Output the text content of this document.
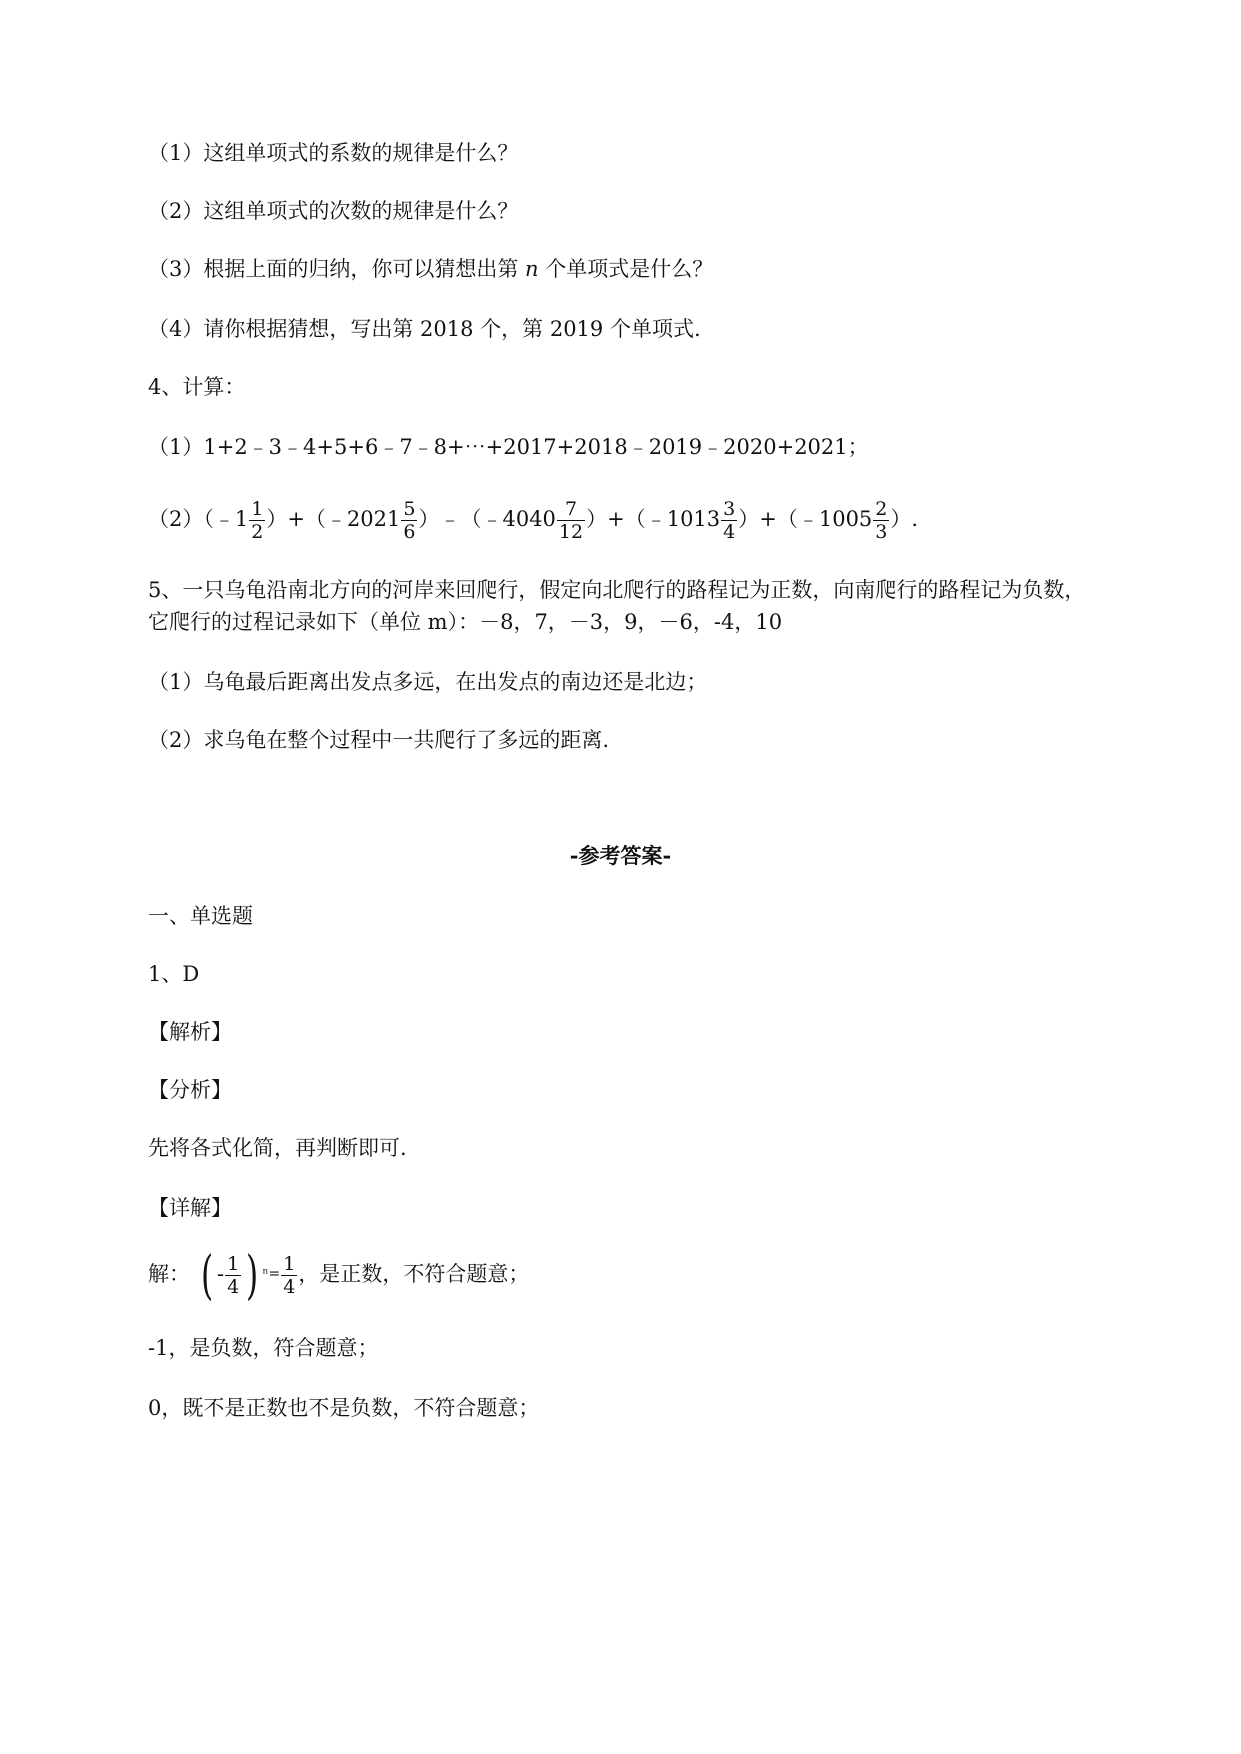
（1）这组单项式的系数的规律是什么？
（2）这组单项式的次数的规律是什么？
（3）根据上面的归纳，你可以猜想出第 n 个单项式是什么？
（4）请你根据猜想，写出第 2018 个，第 2019 个单项式.
4、计算：
（1）1+2﹣3﹣4+5+6﹣7﹣8+⋯+2017+2018﹣2019﹣2020+2021；
（2）（﹣1 $\frac{1}{2}$ ）+（﹣2021 $\frac{5}{6}$ ）﹣（﹣4040 $\frac{7}{12}$ ）+（﹣1013 $\frac{3}{4}$ ）+（﹣1005 $\frac{2}{3}$ ）.
5、一只乌龟沿南北方向的河岸来回爬行，假定向北爬行的路程记为正数，向南爬行的路程记为负数，
它爬行的过程记录如下（单位 m）：－8，7，－3，9，－6，-4，10
（1）乌龟最后距离出发点多远，在出发点的南边还是北边；
（2）求乌龟在整个过程中一共爬行了多远的距离.
-参考答案-
一、单选题
1、D
【解析】
【分析】
先将各式化简，再判断即可.
【详解】
解： ( - $\frac{1}{4}$ ) $^{^n=} \frac{1}{4}$ ，是正数，不符合题意；
-1，是负数，符合题意；
0，既不是正数也不是负数，不符合题意；
